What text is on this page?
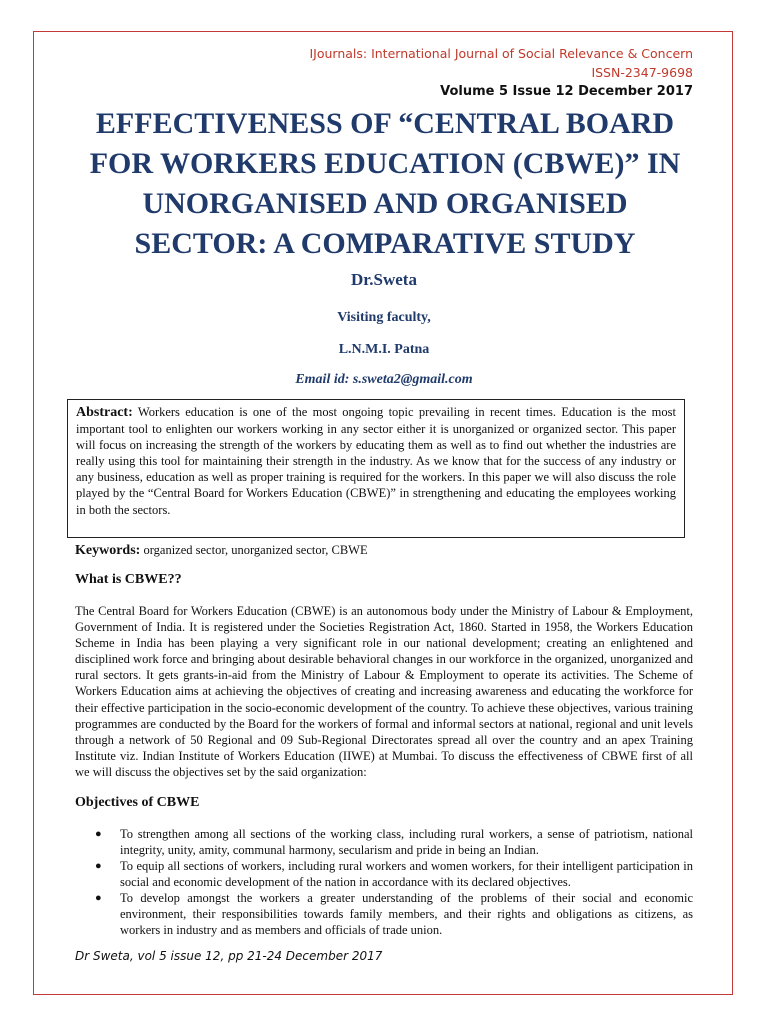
IJournals: International Journal of Social Relevance & Concern
ISSN-2347-9698
Volume 5 Issue 12 December 2017
EFFECTIVENESS OF “CENTRAL BOARD
FOR WORKERS EDUCATION (CBWE)” IN
UNORGANISED AND ORGANISED
SECTOR: A COMPARATIVE STUDY
Dr.Sweta
Visiting faculty,
L.N.M.I. Patna
Email id: s.sweta2@gmail.com
Abstract: Workers education is one of the most ongoing topic prevailing in recent times. Education is the most important tool to enlighten our workers working in any sector either it is unorganized or organized sector. This paper will focus on increasing the strength of the workers by educating them as well as to find out whether the industries are really using this tool for maintaining their strength in the industry. As we know that for the success of any industry or any business, education as well as proper training is required for the workers. In this paper we will also discuss the role played by the “Central Board for Workers Education (CBWE)” in strengthening and educating the employees working in both the sectors.
Keywords: organized sector, unorganized sector, CBWE
What is CBWE??
The Central Board for Workers Education (CBWE) is an autonomous body under the Ministry of Labour & Employment, Government of India. It is registered under the Societies Registration Act, 1860. Started in 1958, the Workers Education Scheme in India has been playing a very significant role in our national development; creating an enlightened and disciplined work force and bringing about desirable behavioral changes in our workforce in the organized, unorganized and rural sectors. It gets grants-in-aid from the Ministry of Labour & Employment to operate its activities. The Scheme of Workers Education aims at achieving the objectives of creating and increasing awareness and educating the workforce for their effective participation in the socio-economic development of the country. To achieve these objectives, various training programmes are conducted by the Board for the workers of formal and informal sectors at national, regional and unit levels through a network of 50 Regional and 09 Sub-Regional Directorates spread all over the country and an apex Training Institute viz. Indian Institute of Workers Education (IIWE) at Mumbai. To discuss the effectiveness of CBWE first of all we will discuss the objectives set by the said organization:
Objectives of CBWE
● To strengthen among all sections of the working class, including rural workers, a sense of patriotism, national integrity, unity, amity, communal harmony, secularism and pride in being an Indian.
● To equip all sections of workers, including rural workers and women workers, for their intelligent participation in social and economic development of the nation in accordance with its declared objectives.
● To develop amongst the workers a greater understanding of the problems of their social and economic environment, their responsibilities towards family members, and their rights and obligations as citizens, as workers in industry and as members and officials of trade union.
Dr Sweta, vol 5 issue 12, pp 21-24 December 2017
